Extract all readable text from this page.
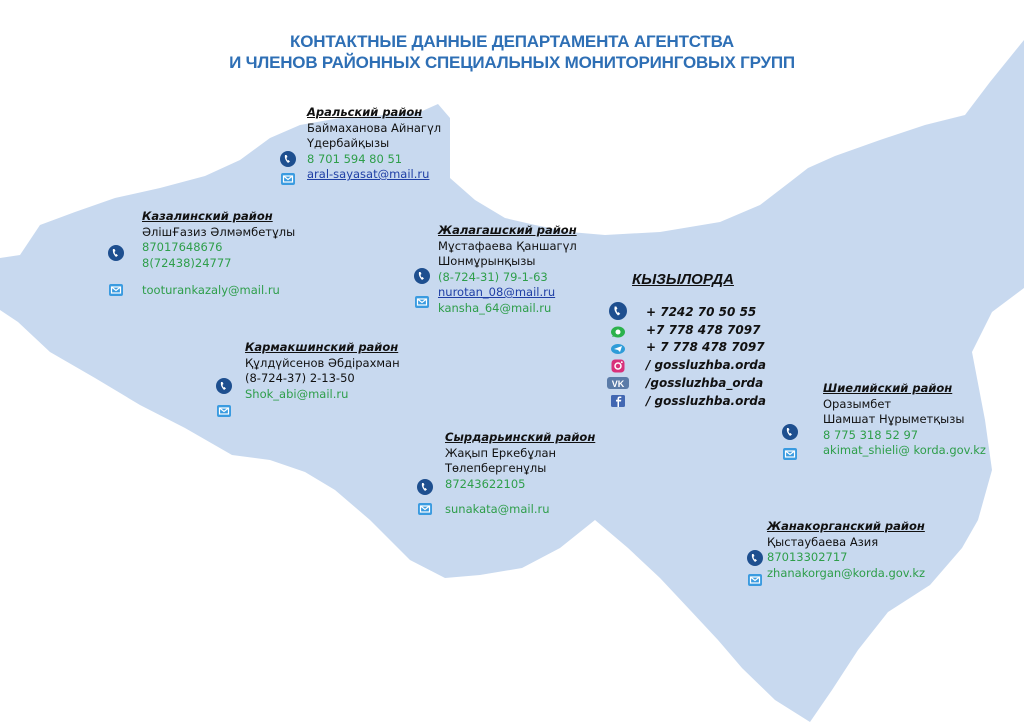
КОНТАКТНЫЕ ДАННЫЕ ДЕПАРТАМЕНТА АГЕНТСТВА
И ЧЛЕНОВ РАЙОННЫХ СПЕЦИАЛЬНЫХ МОНИТОРИНГОВЫХ ГРУПП
Аральский район
Баймаханова Айнагүл
Үдербайқызы
8 701 594 80 51
aral-sayasat@mail.ru
Казалинский район
ӘлішҒазиз Әлмәмбетұлы
87017648676
8(72438)24777
tooturankazaly@mail.ru
Жалагашский район
Мұстафаева Қаншагүл
Шонмұрынқызы
(8-724-31) 79-1-63
nurotan_08@mail.ru
kansha_64@mail.ru
Кармакшинский район
Құлдүйсенов Әбдірахман
(8-724-37) 2-13-50
Shok_abi@mail.ru
Сырдарьинский район
Жақып Еркебұлан
Төлепбергенұлы
87243622105
sunakata@mail.ru
Шиелийский район
Оразымбет
Шамшат Нұрыметқызы
8 775 318 52 97
akimat_shieli@ korda.gov.kz
Жанакорганский район
Қыстаубаева Азия
87013302717
zhanakorgan@korda.gov.kz
КЫЗЫЛОРДА
+ 7242 70 50 55
+7 778 478 7097
+ 7 778 478 7097
/ gossluzhba.orda
VK /gossluzhba_orda
/ gossluzhba.orda
